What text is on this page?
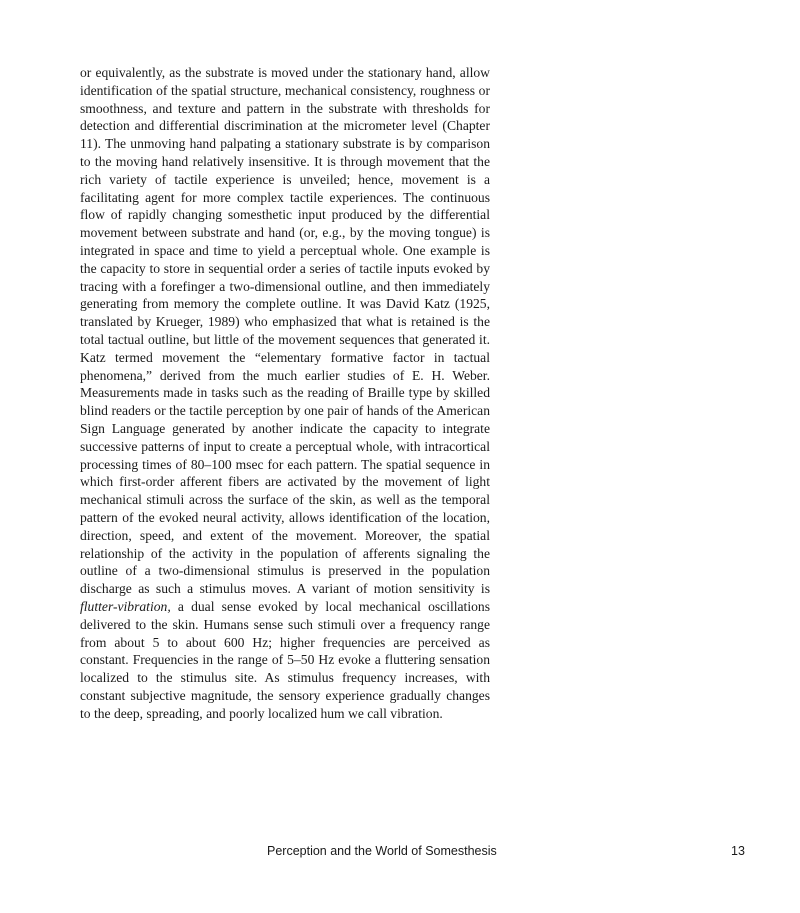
or equivalently, as the substrate is moved under the stationary hand, allow identification of the spatial structure, mechanical consistency, roughness or smoothness, and texture and pattern in the substrate with thresholds for detection and differential discrimination at the micrometer level (Chapter 11). The unmoving hand palpating a stationary substrate is by comparison to the moving hand relatively insensitive. It is through movement that the rich variety of tactile experience is unveiled; hence, movement is a facilitating agent for more complex tactile experiences. The continuous flow of rapidly changing somesthetic input produced by the differential movement between substrate and hand (or, e.g., by the moving tongue) is integrated in space and time to yield a perceptual whole. One example is the capacity to store in sequential order a series of tactile inputs evoked by tracing with a forefinger a two-dimensional outline, and then immediately generating from memory the complete outline. It was David Katz (1925, translated by Krueger, 1989) who emphasized that what is retained is the total tactual outline, but little of the movement sequences that generated it. Katz termed movement the “elementary formative factor in tactual phenomena,” derived from the much earlier studies of E. H. Weber. Measurements made in tasks such as the reading of Braille type by skilled blind readers or the tactile perception by one pair of hands of the American Sign Language generated by another indicate the capacity to integrate successive patterns of input to create a perceptual whole, with intracortical processing times of 80–100 msec for each pattern. The spatial sequence in which first-order afferent fibers are activated by the movement of light mechanical stimuli across the surface of the skin, as well as the temporal pattern of the evoked neural activity, allows identification of the location, direction, speed, and extent of the movement. Moreover, the spatial relationship of the activity in the population of afferents signaling the outline of a two-dimensional stimulus is preserved in the population discharge as such a stimulus moves. A variant of motion sensitivity is flutter-vibration, a dual sense evoked by local mechanical oscillations delivered to the skin. Humans sense such stimuli over a frequency range from about 5 to about 600 Hz; higher frequencies are perceived as constant. Frequencies in the range of 5–50 Hz evoke a fluttering sensation localized to the stimulus site. As stimulus frequency increases, with constant subjective magnitude, the sensory experience gradually changes to the deep, spreading, and poorly localized hum we call vibration.

Perception and the World of Somesthesis	13
